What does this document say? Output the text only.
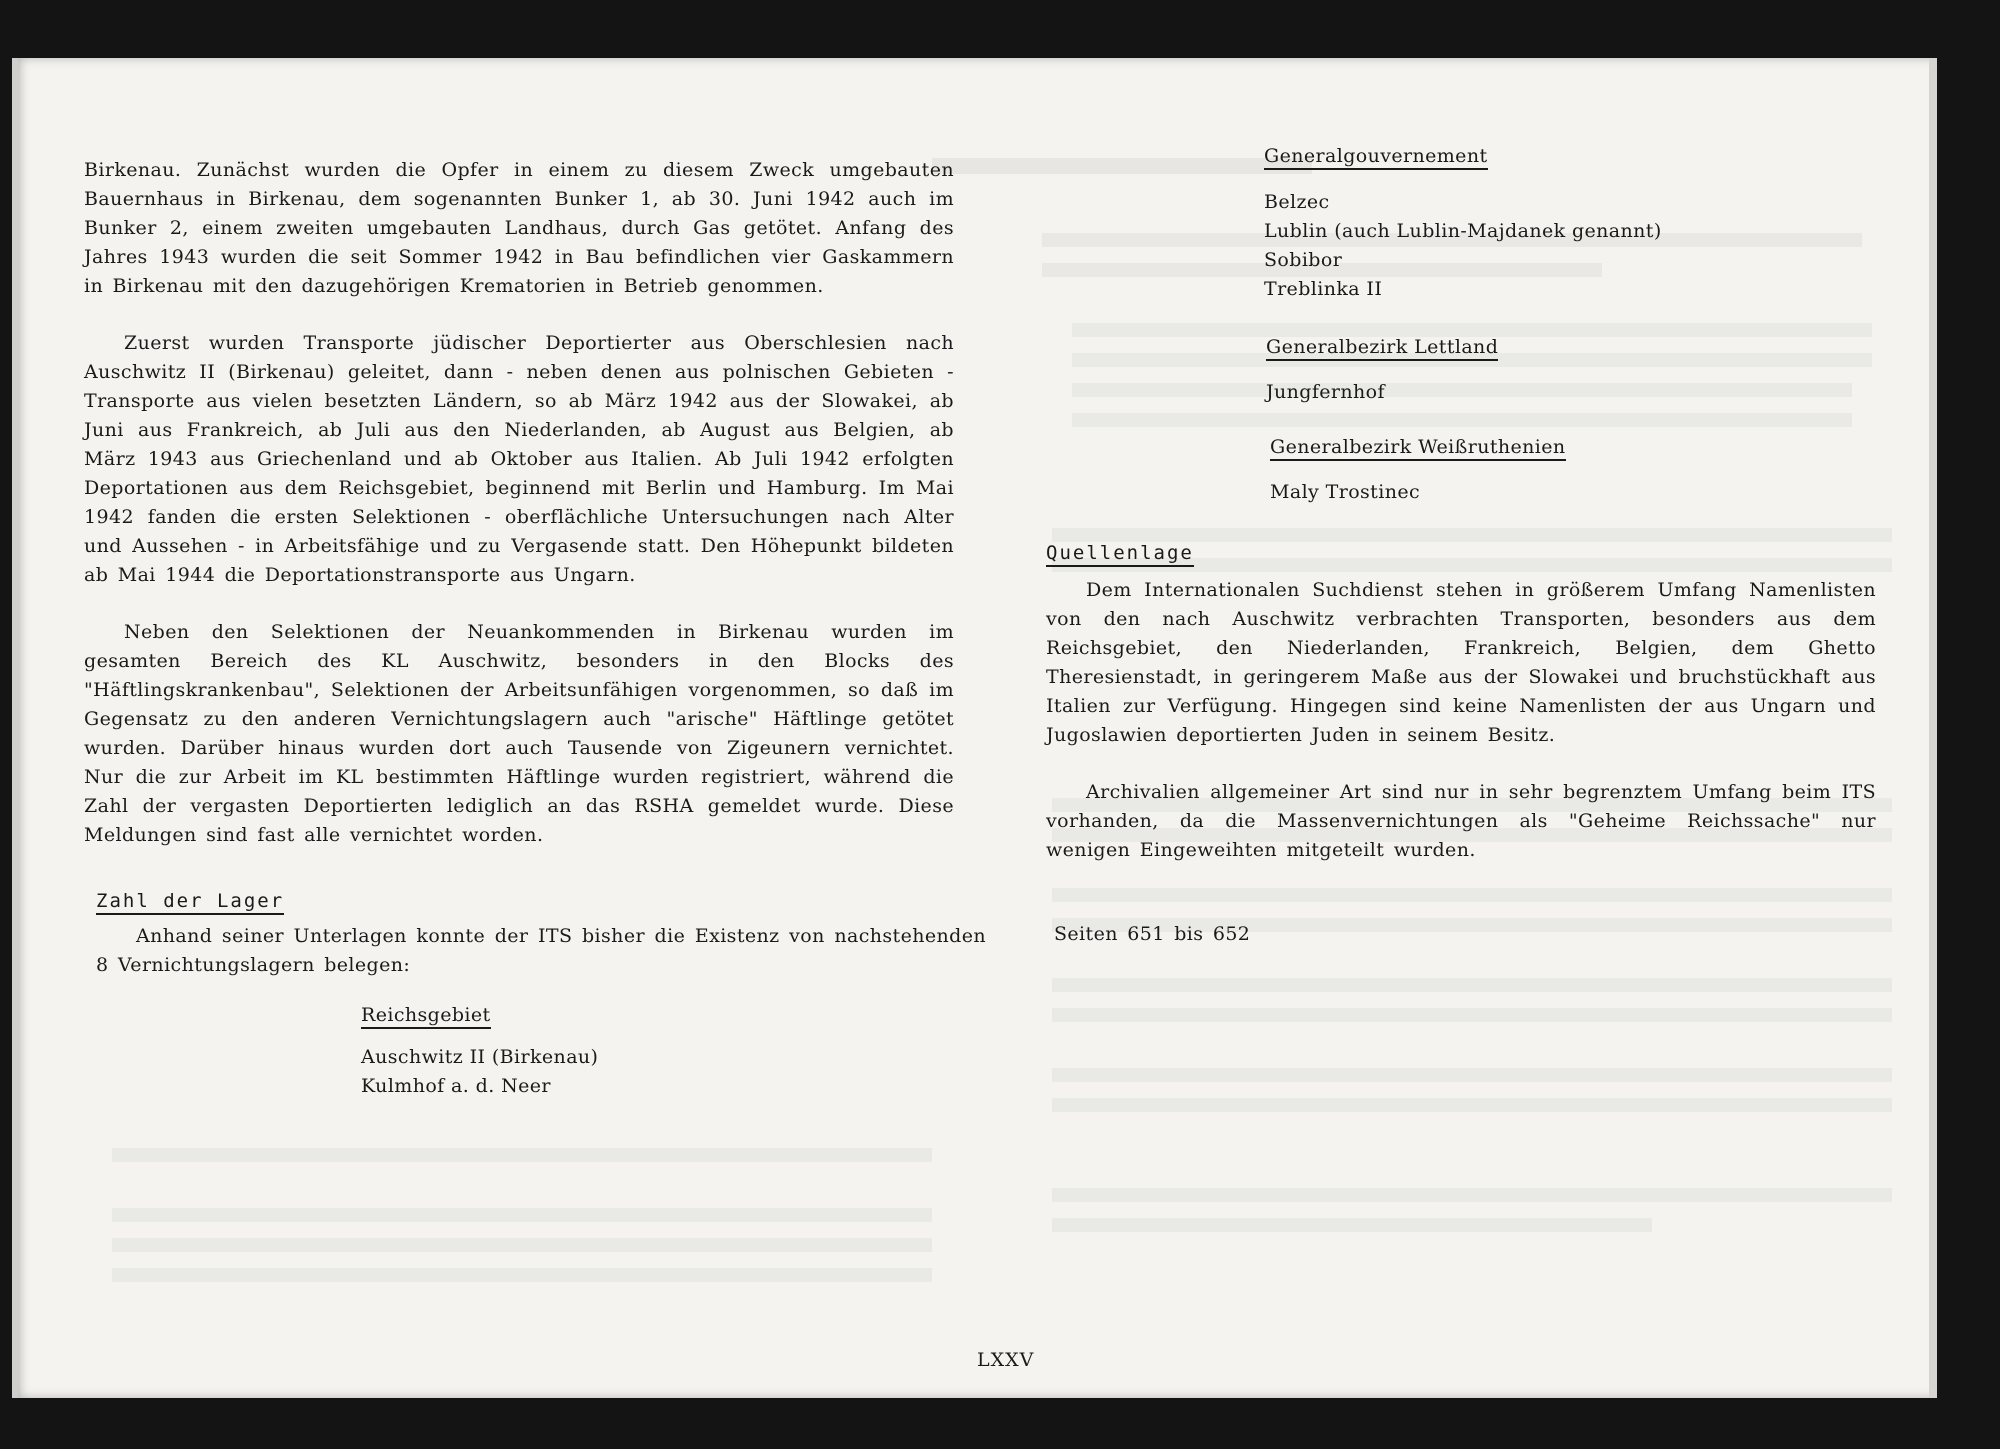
Birkenau. Zunächst wurden die Opfer in einem zu diesem Zweck umgebauten Bauernhaus in Birkenau, dem sogenannten Bunker 1, ab 30. Juni 1942 auch im Bunker 2, einem zweiten umgebauten Landhaus, durch Gas getötet. Anfang des Jahres 1943 wurden die seit Sommer 1942 in Bau befindlichen vier Gaskammern in Birkenau mit den dazugehörigen Krematorien in Betrieb genommen.

Zuerst wurden Transporte jüdischer Deportierter aus Oberschlesien nach Auschwitz II (Birkenau) geleitet, dann - neben denen aus polnischen Gebieten - Transporte aus vielen besetzten Ländern, so ab März 1942 aus der Slowakei, ab Juni aus Frankreich, ab Juli aus den Niederlanden, ab August aus Belgien, ab März 1943 aus Griechenland und ab Oktober aus Italien. Ab Juli 1942 erfolgten Deportationen aus dem Reichsgebiet, beginnend mit Berlin und Hamburg. Im Mai 1942 fanden die ersten Selektionen - oberflächliche Untersuchungen nach Alter und Aussehen - in Arbeitsfähige und zu Vergasende statt. Den Höhepunkt bildeten ab Mai 1944 die Deportationstransporte aus Ungarn.

Neben den Selektionen der Neuankommenden in Birkenau wurden im gesamten Bereich des KL Auschwitz, besonders in den Blocks des "Häftlingskrankenbau", Selektionen der Arbeitsunfähigen vorgenommen, so daß im Gegensatz zu den anderen Vernichtungslagern auch "arische" Häftlinge getötet wurden. Darüber hinaus wurden dort auch Tausende von Zigeunern vernichtet. Nur die zur Arbeit im KL bestimmten Häftlinge wurden registriert, während die Zahl der vergasten Deportierten lediglich an das RSHA gemeldet wurde. Diese Meldungen sind fast alle vernichtet worden.

Zahl der Lager

Anhand seiner Unterlagen konnte der ITS bisher die Existenz von nachstehenden 8 Vernichtungslagern belegen:

Reichsgebiet
Auschwitz II (Birkenau)
Kulmhof a. d. Neer
Generalgouvernement
Belzec
Lublin (auch Lublin-Majdanek genannt)
Sobibor
Treblinka II
Generalbezirk Lettland
Jungfernhof
Generalbezirk Weißruthenien
Maly Trostinec
Quellenlage

Dem Internationalen Suchdienst stehen in größerem Umfang Namenlisten von den nach Auschwitz verbrachten Transporten, besonders aus dem Reichsgebiet, den Niederlanden, Frankreich, Belgien, dem Ghetto Theresienstadt, in geringerem Maße aus der Slowakei und bruchstückhaft aus Italien zur Verfügung. Hingegen sind keine Namenlisten der aus Ungarn und Jugoslawien deportierten Juden in seinem Besitz.

Archivalien allgemeiner Art sind nur in sehr begrenztem Umfang beim ITS vorhanden, da die Massenvernichtungen als "Geheime Reichssache" nur wenigen Eingeweihten mitgeteilt wurden.

Seiten 651 bis 652
LXXV
